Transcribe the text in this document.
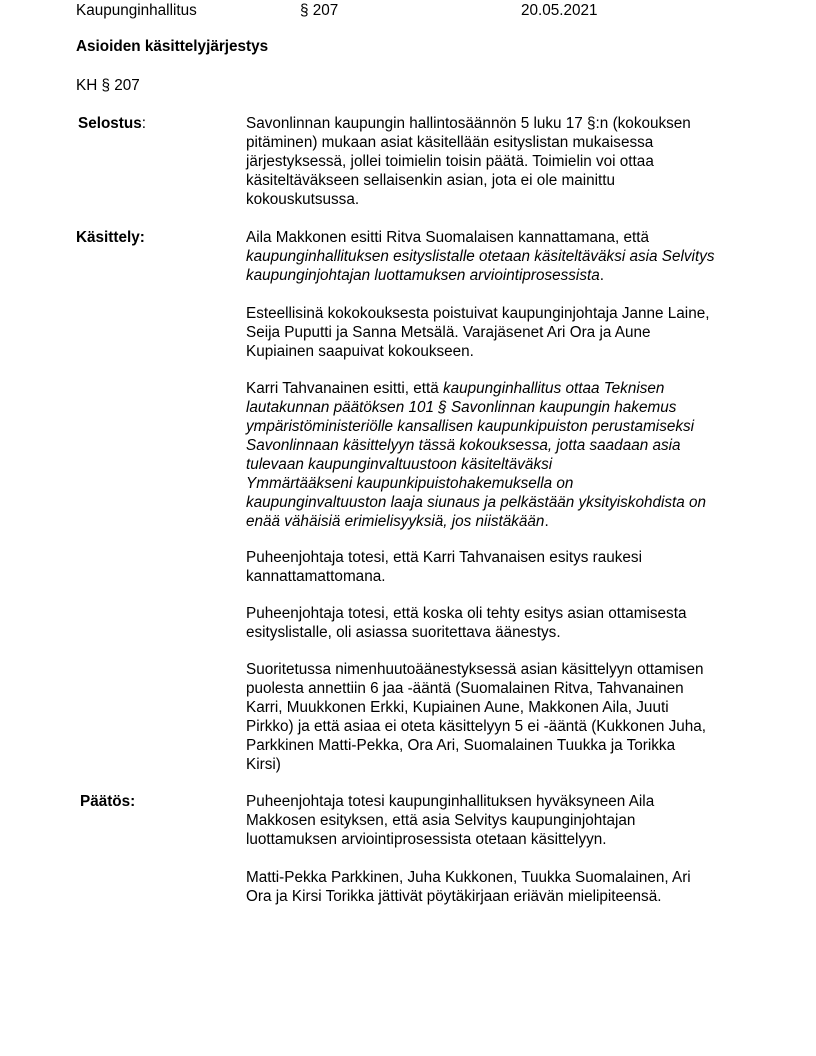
Kaupunginhallitus	§ 207	20.05.2021
Asioiden käsittelyjärjestys
KH § 207
Selostus:	Savonlinnan kaupungin hallintosäännön 5 luku 17 §:n (kokouksen
pitäminen) mukaan asiat käsitellään esityslistan mukaisessa
järjestyksessä, jollei toimielin toisin päätä. Toimielin voi ottaa
käsiteltäväkseen sellaisenkin asian, jota ei ole mainittu
kokouskutsussa.
Käsittely:	Aila Makkonen esitti Ritva Suomalaisen kannattamana, että
kaupunginhallituksen esityslistalle otetaan käsiteltäväksi asia Selvitys
kaupunginjohtajan luottamuksen arviointiprosessista.
Esteellisinä kokokouksesta poistuivat kaupunginjohtaja Janne Laine,
Seija Puputti ja Sanna Metsälä. Varajäsenet Ari Ora ja Aune
Kupiainen saapuivat kokoukseen.
Karri Tahvanainen esitti, että kaupunginhallitus ottaa Teknisen
lautakunnan päätöksen 101 § Savonlinnan kaupungin hakemus
ympäristöministeriölle kansallisen kaupunkipuiston perustamiseksi
Savonlinnaan käsittelyyn tässä kokouksessa, jotta saadaan asia
tulevaan kaupunginvaltuustoon käsiteltäväksi
Ymmärtääkseni kaupunkipuistohakemuksella on
kaupunginvaltuuston laaja siunaus ja pelkästään yksityiskohdista on
enää vähäisiä erimielisyyksiä, jos niistäkään.
Puheenjohtaja totesi, että Karri Tahvanaisen esitys raukesi
kannattamattomana.
Puheenjohtaja totesi, että koska oli tehty esitys asian ottamisesta
esityslistalle, oli asiassa suoritettava äänestys.
Suoritetussa nimenhuutoäänestyksessä asian käsittelyyn ottamisen
puolesta annettiin 6 jaa -ääntä (Suomalainen Ritva, Tahvanainen
Karri, Muukkonen Erkki, Kupiainen Aune, Makkonen Aila, Juuti
Pirkko) ja että asiaa ei oteta käsittelyyn 5 ei -ääntä (Kukkonen Juha,
Parkkinen Matti-Pekka, Ora Ari, Suomalainen Tuukka ja Torikka
Kirsi)
Päätös:	Puheenjohtaja totesi kaupunginhallituksen hyväksyneen Aila
Makkosen esityksen, että asia Selvitys kaupunginjohtajan
luottamuksen arviointiprosessista otetaan käsittelyyn.
Matti-Pekka Parkkinen, Juha Kukkonen, Tuukka Suomalainen, Ari
Ora ja Kirsi Torikka jättivät pöytäkirjaan eriävän mielipiteensä.
